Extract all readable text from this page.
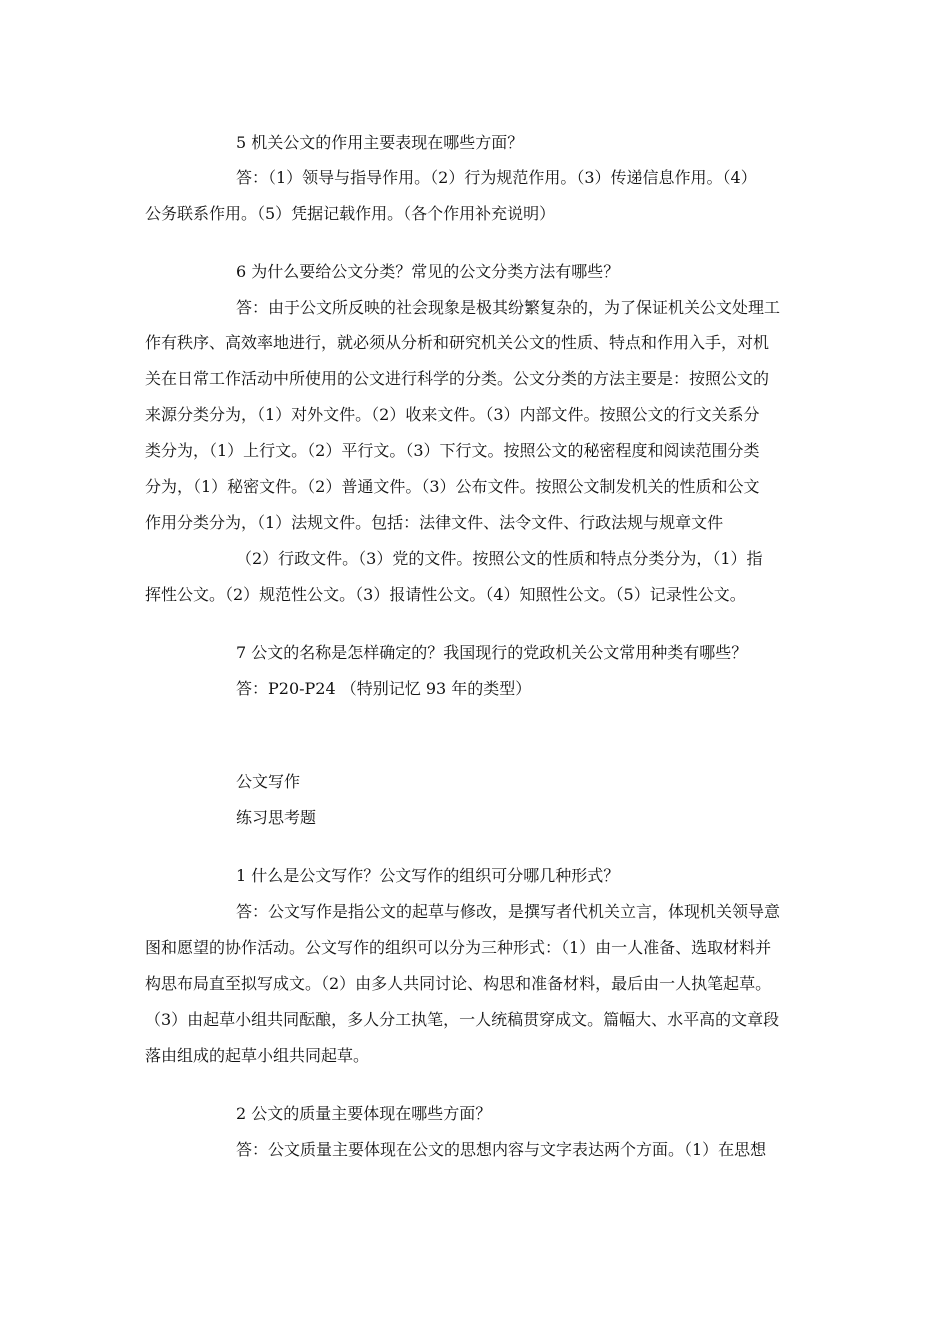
5 机关公文的作用主要表现在哪些方面？
答：（1）领导与指导作用。（2）行为规范作用。（3）传递信息作用。（4）
公务联系作用。（5）凭据记载作用。（各个作用补充说明）
6 为什么要给公文分类？常见的公文分类方法有哪些？
答：由于公文所反映的社会现象是极其纷繁复杂的，为了保证机关公文处理工
作有秩序、高效率地进行，就必须从分析和研究机关公文的性质、特点和作用入手，对机
关在日常工作活动中所使用的公文进行科学的分类。公文分类的方法主要是：按照公文的
来源分类分为，（1）对外文件。（2）收来文件。（3）内部文件。按照公文的行文关系分
类分为，（1）上行文。（2）平行文。（3）下行文。按照公文的秘密程度和阅读范围分类
分为，（1）秘密文件。（2）普通文件。（3）公布文件。按照公文制发机关的性质和公文
作用分类分为，（1）法规文件。包括：法律文件、法令文件、行政法规与规章文件
（2）行政文件。（3）党的文件。按照公文的性质和特点分类分为，（1）指
挥性公文。（2）规范性公文。（3）报请性公文。（4）知照性公文。（5）记录性公文。
7 公文的名称是怎样确定的？我国现行的党政机关公文常用种类有哪些？
答：P20-P24 （特别记忆 93 年的类型）
公文写作
练习思考题
1 什么是公文写作？公文写作的组织可分哪几种形式？
答：公文写作是指公文的起草与修改，是撰写者代机关立言，体现机关领导意
图和愿望的协作活动。公文写作的组织可以分为三种形式：（1）由一人准备、选取材料并
构思布局直至拟写成文。（2）由多人共同讨论、构思和准备材料，最后由一人执笔起草。
（3）由起草小组共同酝酿，多人分工执笔，一人统稿贯穿成文。篇幅大、水平高的文章段
落由组成的起草小组共同起草。
2 公文的质量主要体现在哪些方面？
答：公文质量主要体现在公文的思想内容与文字表达两个方面。（1）在思想
